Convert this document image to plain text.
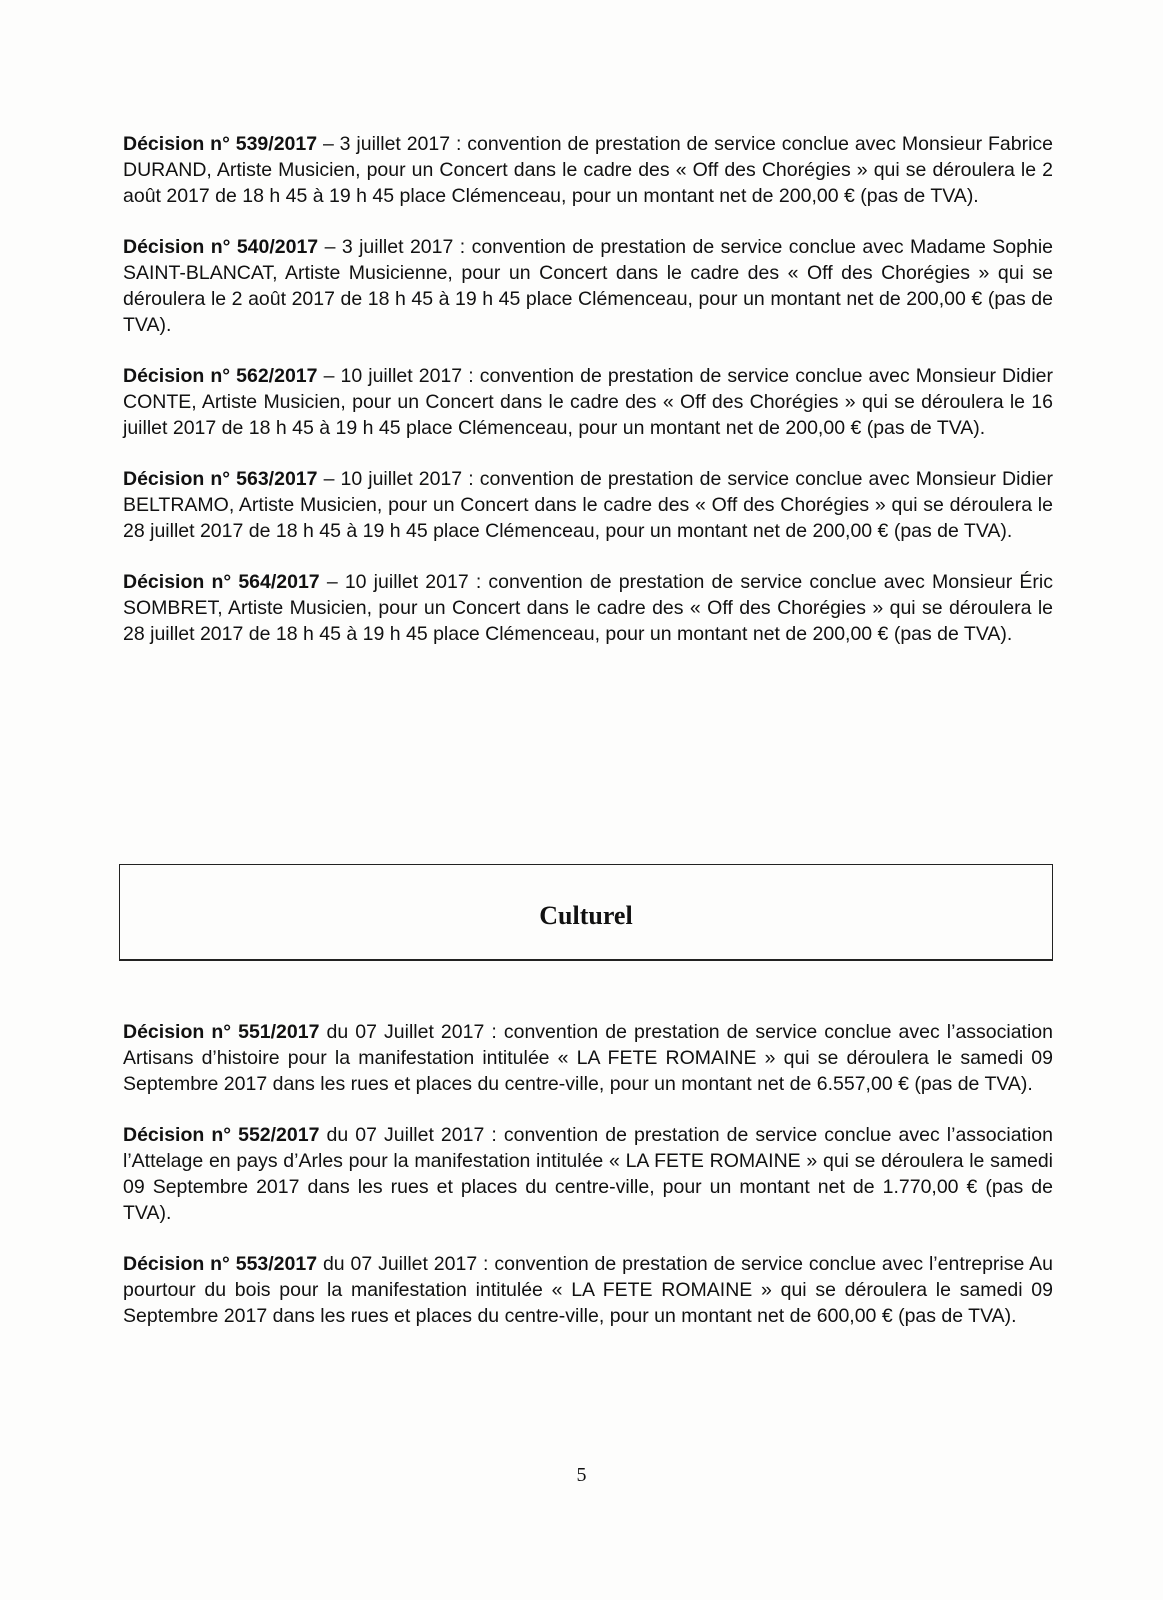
Décision n° 539/2017 – 3 juillet 2017 : convention de prestation de service conclue avec Monsieur Fabrice DURAND, Artiste Musicien, pour un Concert dans le cadre des « Off des Chorégies » qui se déroulera le 2 août 2017 de 18 h 45 à 19 h 45 place Clémenceau, pour un montant net de 200,00 € (pas de TVA).

Décision n° 540/2017 – 3 juillet 2017 : convention de prestation de service conclue avec Madame Sophie SAINT-BLANCAT, Artiste Musicienne, pour un Concert dans le cadre des « Off des Chorégies » qui se déroulera le 2 août 2017 de 18 h 45 à 19 h 45 place Clémenceau, pour un montant net de 200,00 € (pas de TVA).

Décision n° 562/2017 – 10 juillet 2017 : convention de prestation de service conclue avec Monsieur Didier CONTE, Artiste Musicien, pour un Concert dans le cadre des « Off des Chorégies » qui se déroulera le 16 juillet 2017 de 18 h 45 à 19 h 45 place Clémenceau, pour un montant net de 200,00 € (pas de TVA).

Décision n° 563/2017 – 10 juillet 2017 : convention de prestation de service conclue avec Monsieur Didier BELTRAMO, Artiste Musicien, pour un Concert dans le cadre des « Off des Chorégies » qui se déroulera le 28 juillet 2017 de 18 h 45 à 19 h 45 place Clémenceau, pour un montant net de 200,00 € (pas de TVA).

Décision n° 564/2017 – 10 juillet 2017 : convention de prestation de service conclue avec Monsieur Éric SOMBRET, Artiste Musicien, pour un Concert dans le cadre des « Off des Chorégies » qui se déroulera le 28 juillet 2017 de 18 h 45 à 19 h 45 place Clémenceau, pour un montant net de 200,00 € (pas de TVA).

Culturel

Décision n° 551/2017 du 07 Juillet 2017 : convention de prestation de service conclue avec l’association Artisans d’histoire pour la manifestation intitulée « LA FETE ROMAINE » qui se déroulera le samedi 09 Septembre 2017 dans les rues et places du centre-ville, pour un montant net de 6.557,00 € (pas de TVA).

Décision n° 552/2017 du 07 Juillet 2017 : convention de prestation de service conclue avec l’association l’Attelage en pays d’Arles pour la manifestation intitulée « LA FETE ROMAINE » qui se déroulera le samedi 09 Septembre 2017 dans les rues et places du centre-ville, pour un montant net de 1.770,00 € (pas de TVA).

Décision n° 553/2017 du 07 Juillet 2017 : convention de prestation de service conclue avec l’entreprise Au pourtour du bois pour la manifestation intitulée « LA FETE ROMAINE » qui se déroulera le samedi 09 Septembre 2017 dans les rues et places du centre-ville, pour un montant net de 600,00 € (pas de TVA).

5
